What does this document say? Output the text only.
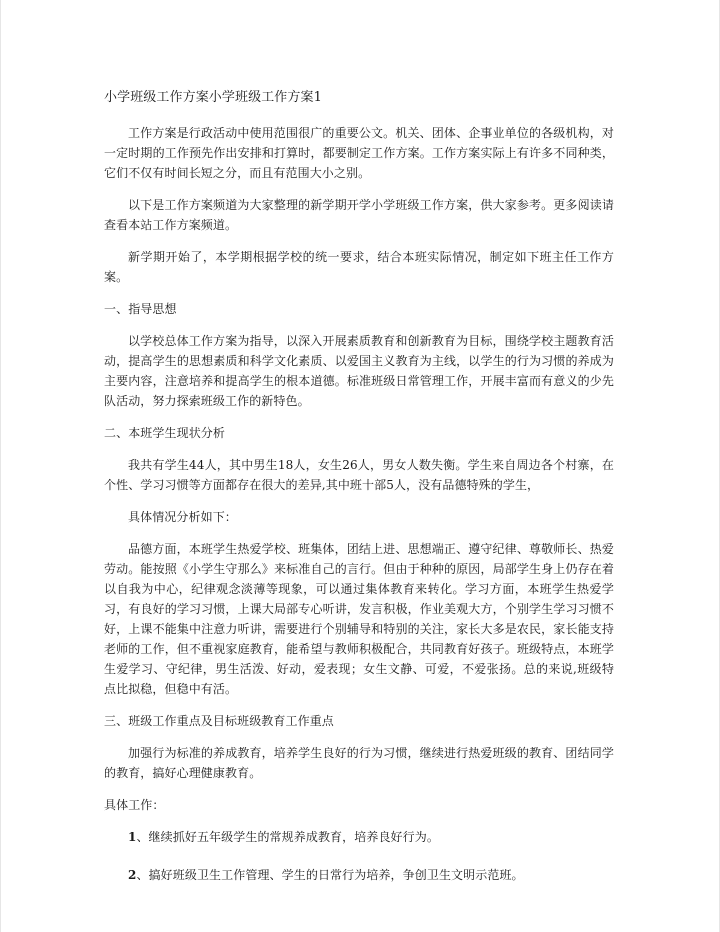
小学班级工作方案小学班级工作方案1

工作方案是行政活动中使用范围很广的重要公文。机关、团体、企事业单位的各级机构，对一定时期的工作预先作出安排和打算时，都要制定工作方案。工作方案实际上有许多不同种类，它们不仅有时间长短之分，而且有范围大小之别。

以下是工作方案频道为大家整理的新学期开学小学班级工作方案，供大家参考。更多阅读请查看本站工作方案频道。

新学期开始了，本学期根据学校的统一要求，结合本班实际情况，制定如下班主任工作方案。

一、指导思想

以学校总体工作方案为指导，以深入开展素质教育和创新教育为目标，围绕学校主题教育活动，提高学生的思想素质和科学文化素质、以爱国主义教育为主线，以学生的行为习惯的养成为主要内容，注意培养和提高学生的根本道德。标准班级日常管理工作，开展丰富而有意义的少先队活动，努力探索班级工作的新特色。

二、本班学生现状分析

我共有学生44人，其中男生18人，女生26人，男女人数失衡。学生来自周边各个村寨，在个性、学习习惯等方面都存在很大的差异,其中班十部5人，没有品德特殊的学生，

具体情况分析如下：

品德方面，本班学生热爱学校、班集体，团结上进、思想端正、遵守纪律、尊敬师长、热爱劳动。能按照《小学生守那么》来标准自己的言行。但由于种种的原因，局部学生身上仍存在着以自我为中心，纪律观念淡薄等现象，可以通过集体教育来转化。学习方面，本班学生热爱学习，有良好的学习习惯，上课大局部专心听讲，发言积极，作业美观大方，个别学生学习习惯不好，上课不能集中注意力听讲，需要进行个别辅导和特别的关注，家长大多是农民，家长能支持老师的工作，但不重视家庭教育，能希望与教师积极配合，共同教育好孩子。班级特点，本班学生爱学习、守纪律，男生活泼、好动，爱表现；女生文静、可爱，不爱张扬。总的来说,班级特点比拟稳，但稳中有活。

三、班级工作重点及目标班级教育工作重点

加强行为标准的养成教育，培养学生良好的行为习惯，继续进行热爱班级的教育、团结同学的教育，搞好心理健康教育。

具体工作：
1、继续抓好五年级学生的常规养成教育，培养良好行为。
2、搞好班级卫生工作管理、学生的日常行为培养，争创卫生文明示范班。
